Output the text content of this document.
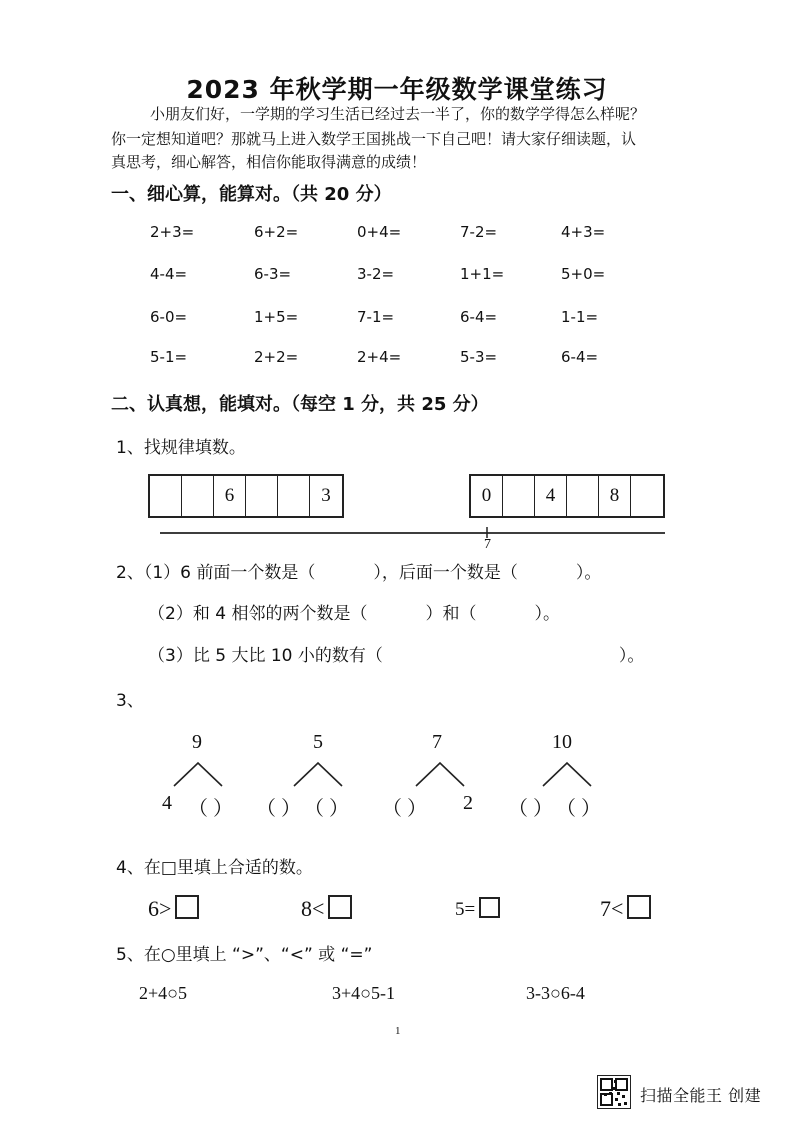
2023 年秋学期一年级数学课堂练习
小朋友们好，一学期的学习生活已经过去一半了，你的数学学得怎么样呢？
你一定想知道吧？那就马上进入数学王国挑战一下自己吧！请大家仔细读题，认
真思考，细心解答，相信你能取得满意的成绩！
一、细心算，能算对。（共 20 分）
2+3=	6+2=	0+4=	7-2=	4+3=
4-4=	6-3=	3-2=	1+1=	5+0=
6-0=	1+5=	7-1=	6-4=	1-1=
5-1=	2+2=	2+4=	5-3=	6-4=
二、认真想，能填对。（每空 1 分，共 25 分）
1、找规律填数。
6	3	0	4	8
7
2、（1）6 前面一个数是（	），后面一个数是（	）。
（2）和 4 相邻的两个数是（	）和（	）。
（3）比 5 大比 10 小的数有（	）。
3、
9
4 （ ）
5
（ ） （ ）
7
（ ） 2
10
（ ） （ ）
4、在□里填上合适的数。
6>	8<	5=	7<
5、在○里填上 “>”、“<” 或 “=”
2+4○5	3+4○5-1	3-3○6-4
1
扫描全能王 创建
